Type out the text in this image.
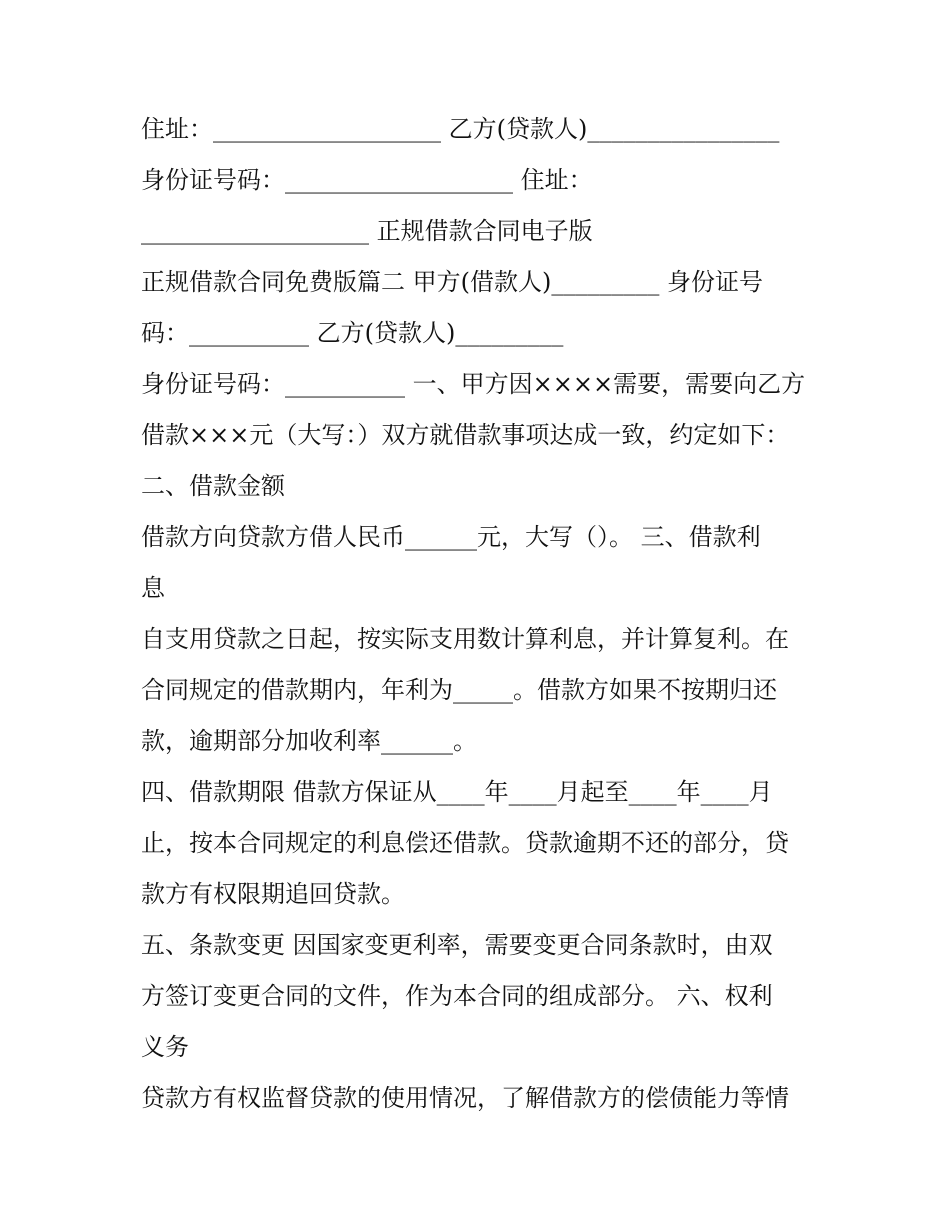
住址：___________________ 乙方(贷款人)________________
身份证号码：___________________ 住址：
___________________ 正规借款合同电子版
正规借款合同免费版篇二 甲方(借款人)_________ 身份证号
码：__________ 乙方(贷款人)_________
身份证号码：__________ 一、甲方因××××需要，需要向乙方
借款×××元（大写：）双方就借款事项达成一致，约定如下：
二、借款金额
借款方向贷款方借人民币______元，大写（）。 三、借款利
息
自支用贷款之日起，按实际支用数计算利息，并计算复利。在
合同规定的借款期内，年利为_____。借款方如果不按期归还
款，逾期部分加收利率______。
四、借款期限 借款方保证从____年____月起至____年____月
止，按本合同规定的利息偿还借款。贷款逾期不还的部分，贷
款方有权限期追回贷款。
五、条款变更 因国家变更利率，需要变更合同条款时，由双
方签订变更合同的文件，作为本合同的组成部分。 六、权利
义务
贷款方有权监督贷款的使用情况，了解借款方的偿债能力等情
